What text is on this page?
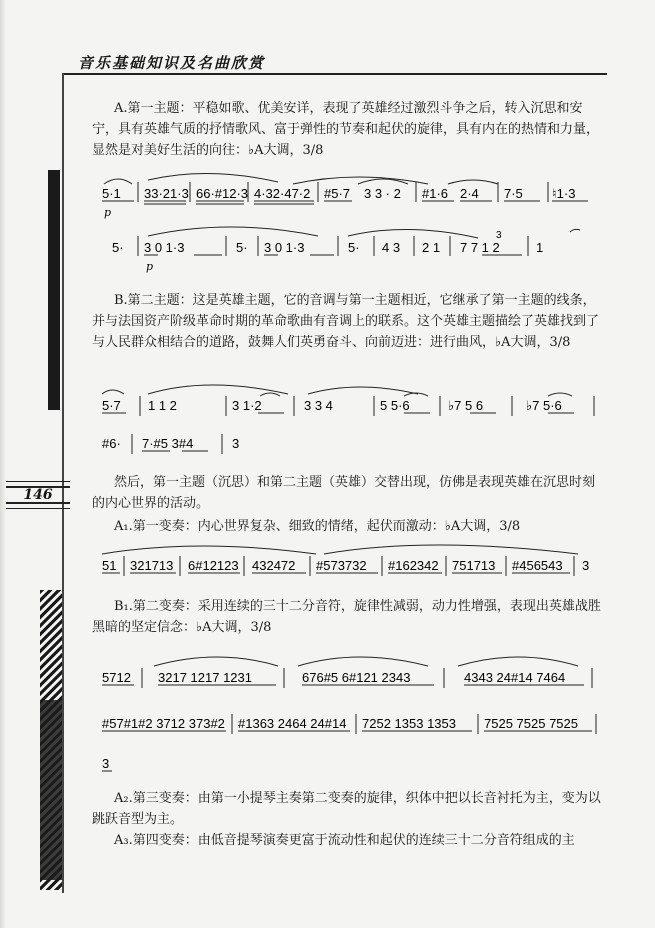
音乐基础知识及名曲欣赏
146
A.第一主题：平稳如歌、优美安详，表现了英雄经过激烈斗争之后，转入沉思和安宁，具有英雄气质的抒情歌风、富于弹性的节奏和起伏的旋律，具有内在的热情和力量，显然是对美好生活的向往：♭A大调，3/8
5·1 33·21·3 66·#12·3 4·32·47·2 #5·7 3 3 · 2 #1·6 2·4 7·5 ♮1·3
p
5· 3 0 1·3	5· 3 0 1·3	5· 4 3 2 1 7 7 1 2	1
3
p
B.第二主题：这是英雄主题，它的音调与第一主题相近，它继承了第一主题的线条，并与法国资产阶级革命时期的革命歌曲有音调上的联系。这个英雄主题描绘了英雄找到了与人民群众相结合的道路，鼓舞人们英勇奋斗、向前迈进：进行曲风，♭A大调，3/8
5·7 1 1 2	3 1·2	3 3 4	5 5·6	♭7 5 6	♭7 5·6
#6· 7·#5 3#4	3
然后，第一主题（沉思）和第二主题（英雄）交替出现，仿佛是表现英雄在沉思时刻的内心世界的活动。
A₁.第一变奏：内心世界复杂、细致的情绪，起伏而激动：♭A大调，3/8
51 321713 6#12123 432472 #573732 #162342 751713 #456543 3
B₁.第二变奏：采用连续的三十二分音符，旋律性减弱，动力性增强，表现出英雄战胜黑暗的坚定信念：♭A大调，3/8
5712 3217 1217 1231	676#5 6#121 2343	4343 24#14 7464
#57#1#2 3712 373#2 #1363 2464 24#14 7252 1353 1353 7525 7525 7525
3
A₂.第三变奏：由第一小提琴主奏第二变奏的旋律，织体中把以长音衬托为主，变为以跳跃音型为主。
A₃.第四变奏：由低音提琴演奏更富于流动性和起伏的连续三十二分音符组成的主
